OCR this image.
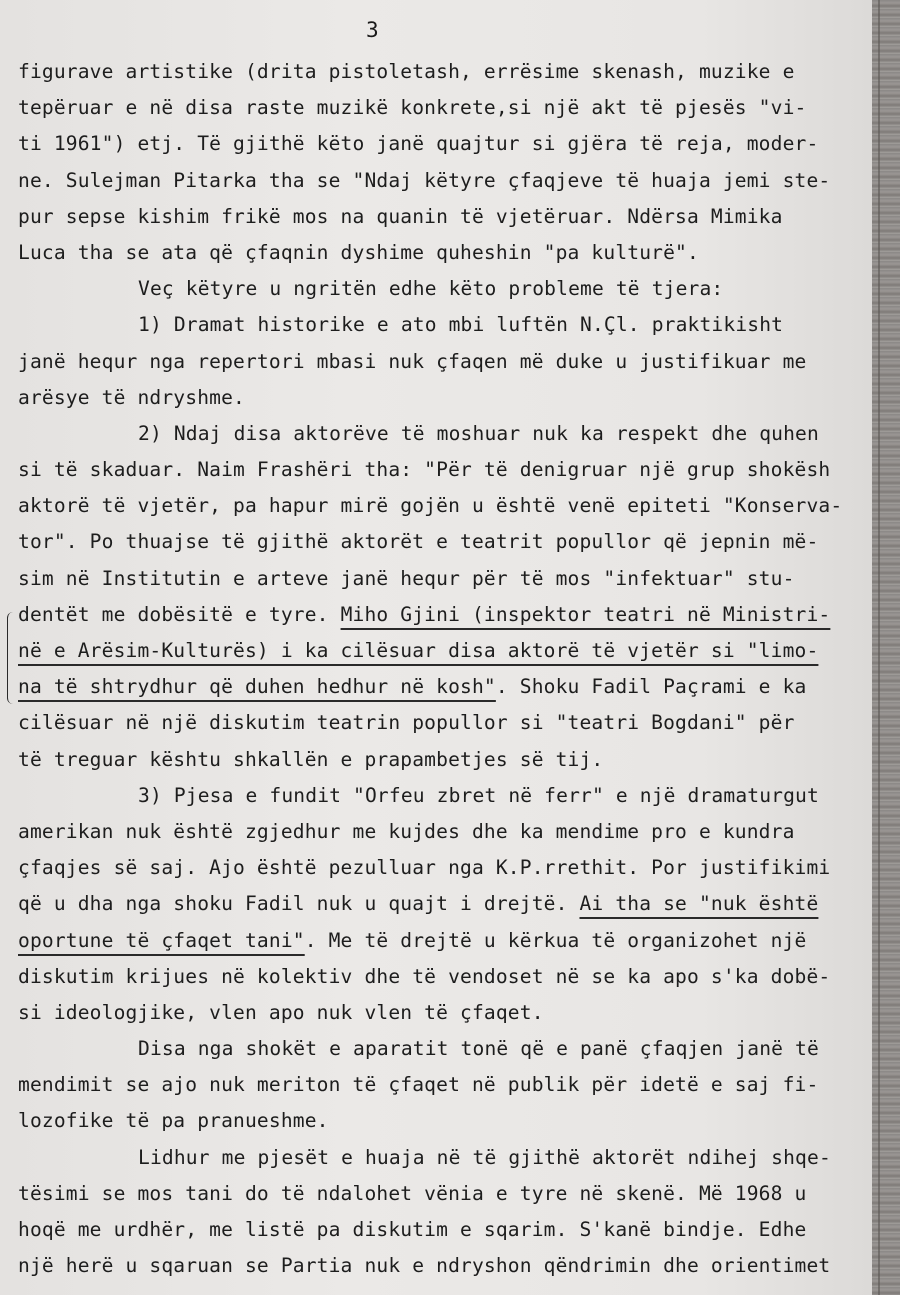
3
figurave artistike (drita pistoletash, errësime skenash, muzike e
tepëruar e në disa raste muzikë konkrete,si një akt të pjesës "vi-
ti 1961") etj. Të gjithë këto janë quajtur si gjëra të reja, moder-
ne. Sulejman Pitarka tha se "Ndaj këtyre çfaqjeve të huaja jemi ste-
pur sepse kishim frikë mos na quanin të vjetëruar. Ndërsa Mimika
Luca tha se ata që çfaqnin dyshime quheshin "pa kulturë".
Veç këtyre u ngritën edhe këto probleme të tjera:
1) Dramat historike e ato mbi luftën N.Çl. praktikisht
janë hequr nga repertori mbasi nuk çfaqen më duke u justifikuar me
arësye të ndryshme.
2) Ndaj disa aktorëve të moshuar nuk ka respekt dhe quhen
si të skaduar. Naim Frashëri tha: "Për të denigruar një grup shokësh
aktorë të vjetër, pa hapur mirë gojën u është venë epiteti "Konserva-
tor". Po thuajse të gjithë aktorët e teatrit popullor që jepnin më-
sim në Institutin e arteve janë hequr për të mos "infektuar" stu-
dentët me dobësitë e tyre. Miho Gjini (inspektor teatri në Ministri-
në e Arësim-Kulturës) i ka cilësuar disa aktorë të vjetër si "limo-
na të shtrydhur që duhen hedhur në kosh". Shoku Fadil Paçrami e ka
cilësuar në një diskutim teatrin popullor si "teatri Bogdani" për
të treguar kështu shkallën e prapambetjes së tij.
3) Pjesa e fundit "Orfeu zbret në ferr" e një dramaturgut
amerikan nuk është zgjedhur me kujdes dhe ka mendime pro e kundra
çfaqjes së saj. Ajo është pezulluar nga K.P.rrethit. Por justifikimi
që u dha nga shoku Fadil nuk u quajt i drejtë. Ai tha se "nuk është
oportune të çfaqet tani". Me të drejtë u kërkua të organizohet një
diskutim krijues në kolektiv dhe të vendoset në se ka apo s'ka dobë-
si ideologjike, vlen apo nuk vlen të çfaqet.
Disa nga shokët e aparatit tonë që e panë çfaqjen janë të
mendimit se ajo nuk meriton të çfaqet në publik për idetë e saj fi-
lozofike të pa pranueshme.
Lidhur me pjesët e huaja në të gjithë aktorët ndihej shqe-
tësimi se mos tani do të ndalohet vënia e tyre në skenë. Më 1968 u
hoqë me urdhër, me listë pa diskutim e sqarim. S'kanë bindje. Edhe
një herë u sqaruan se Partia nuk e ndryshon qëndrimin dhe orientimet
